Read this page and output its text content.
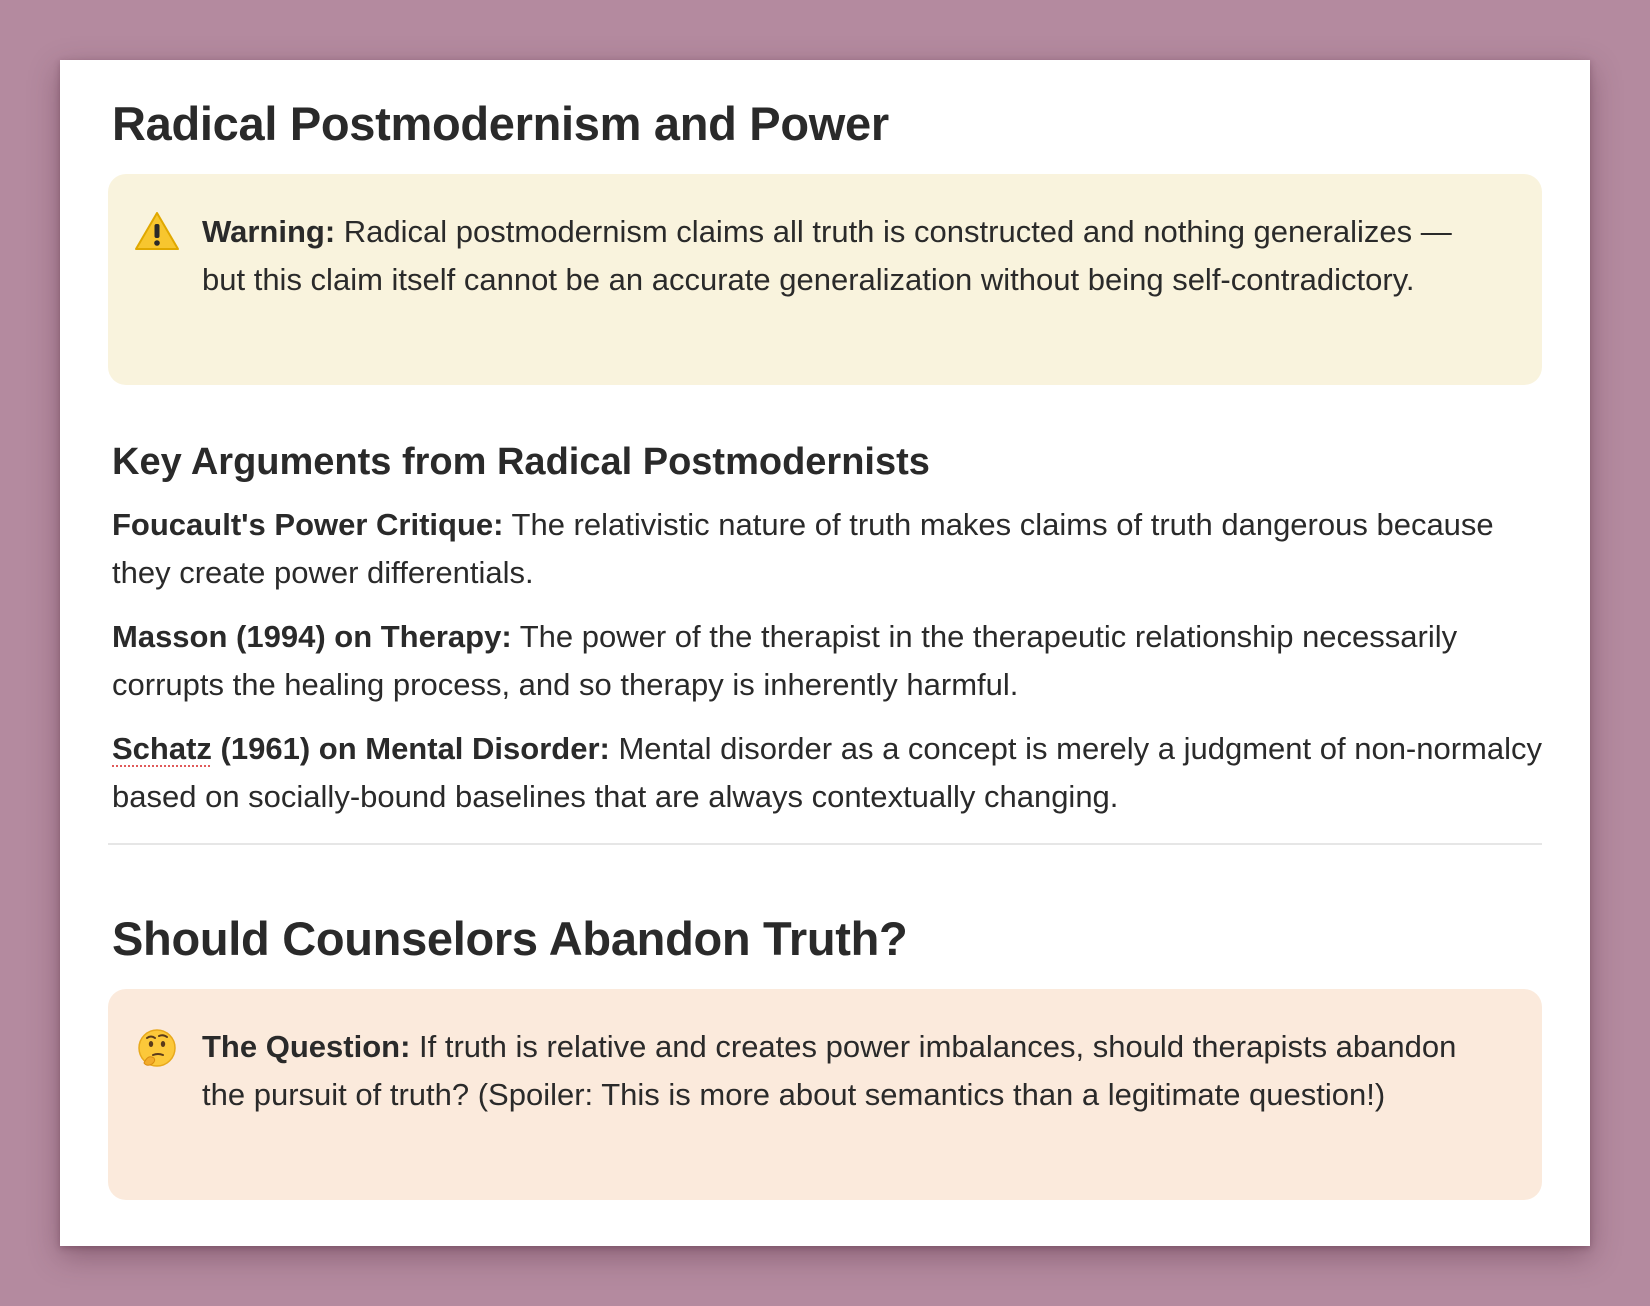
Radical Postmodernism and Power
Warning: Radical postmodernism claims all truth is constructed and nothing generalizes — but this claim itself cannot be an accurate generalization without being self-contradictory.
Key Arguments from Radical Postmodernists

Foucault's Power Critique: The relativistic nature of truth makes claims of truth dangerous because they create power differentials.

Masson (1994) on Therapy: The power of the therapist in the therapeutic relationship necessarily corrupts the healing process, and so therapy is inherently harmful.

Schatz (1961) on Mental Disorder: Mental disorder as a concept is merely a judgment of non-normalcy based on socially-bound baselines that are always contextually changing.

Should Counselors Abandon Truth?
The Question: If truth is relative and creates power imbalances, should therapists abandon the pursuit of truth? (Spoiler: This is more about semantics than a legitimate question!)
